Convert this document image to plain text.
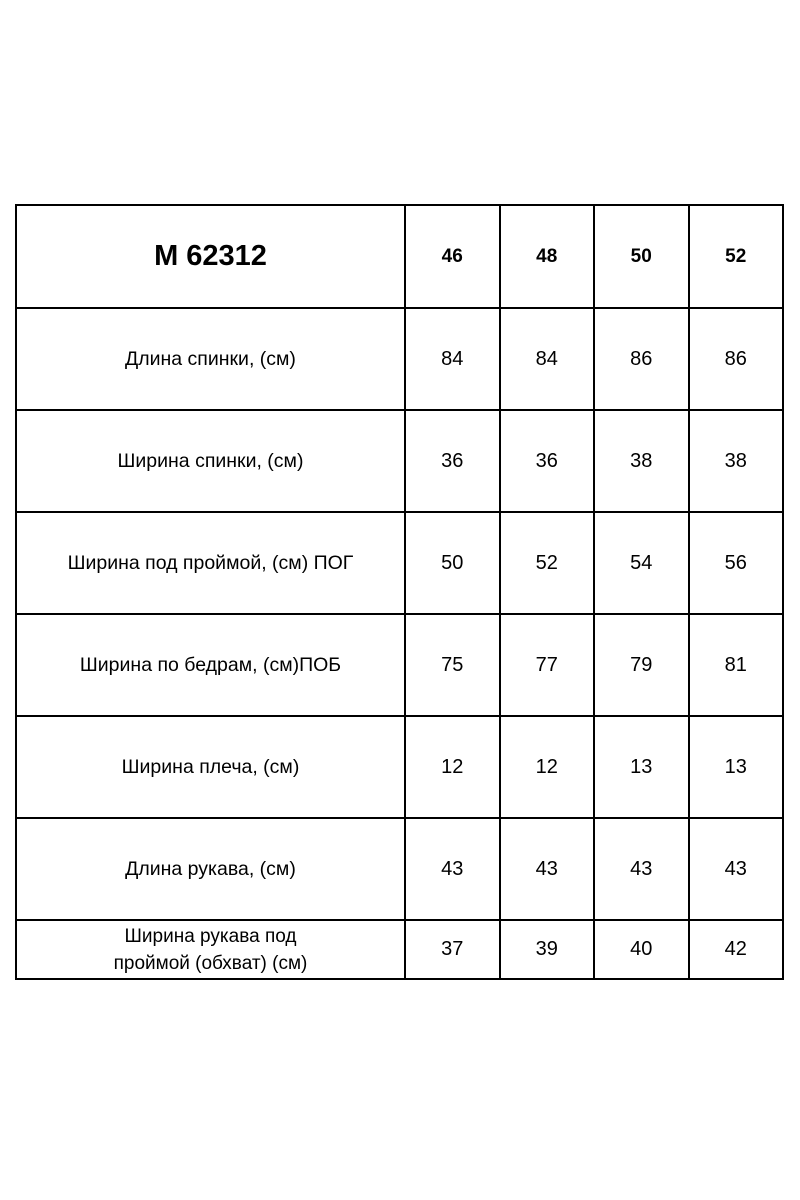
М 62312	46	48	50	52
Длина спинки, (см)	84	84	86	86
Ширина спинки, (см)	36	36	38	38
Ширина под проймой, (см) ПОГ	50	52	54	56
Ширина по бедрам, (см)ПОБ	75	77	79	81
Ширина плеча, (см)	12	12	13	13
Длина рукава, (см)	43	43	43	43

Ширина рукава под
проймой (обхват) (см)	37	39	40	42
